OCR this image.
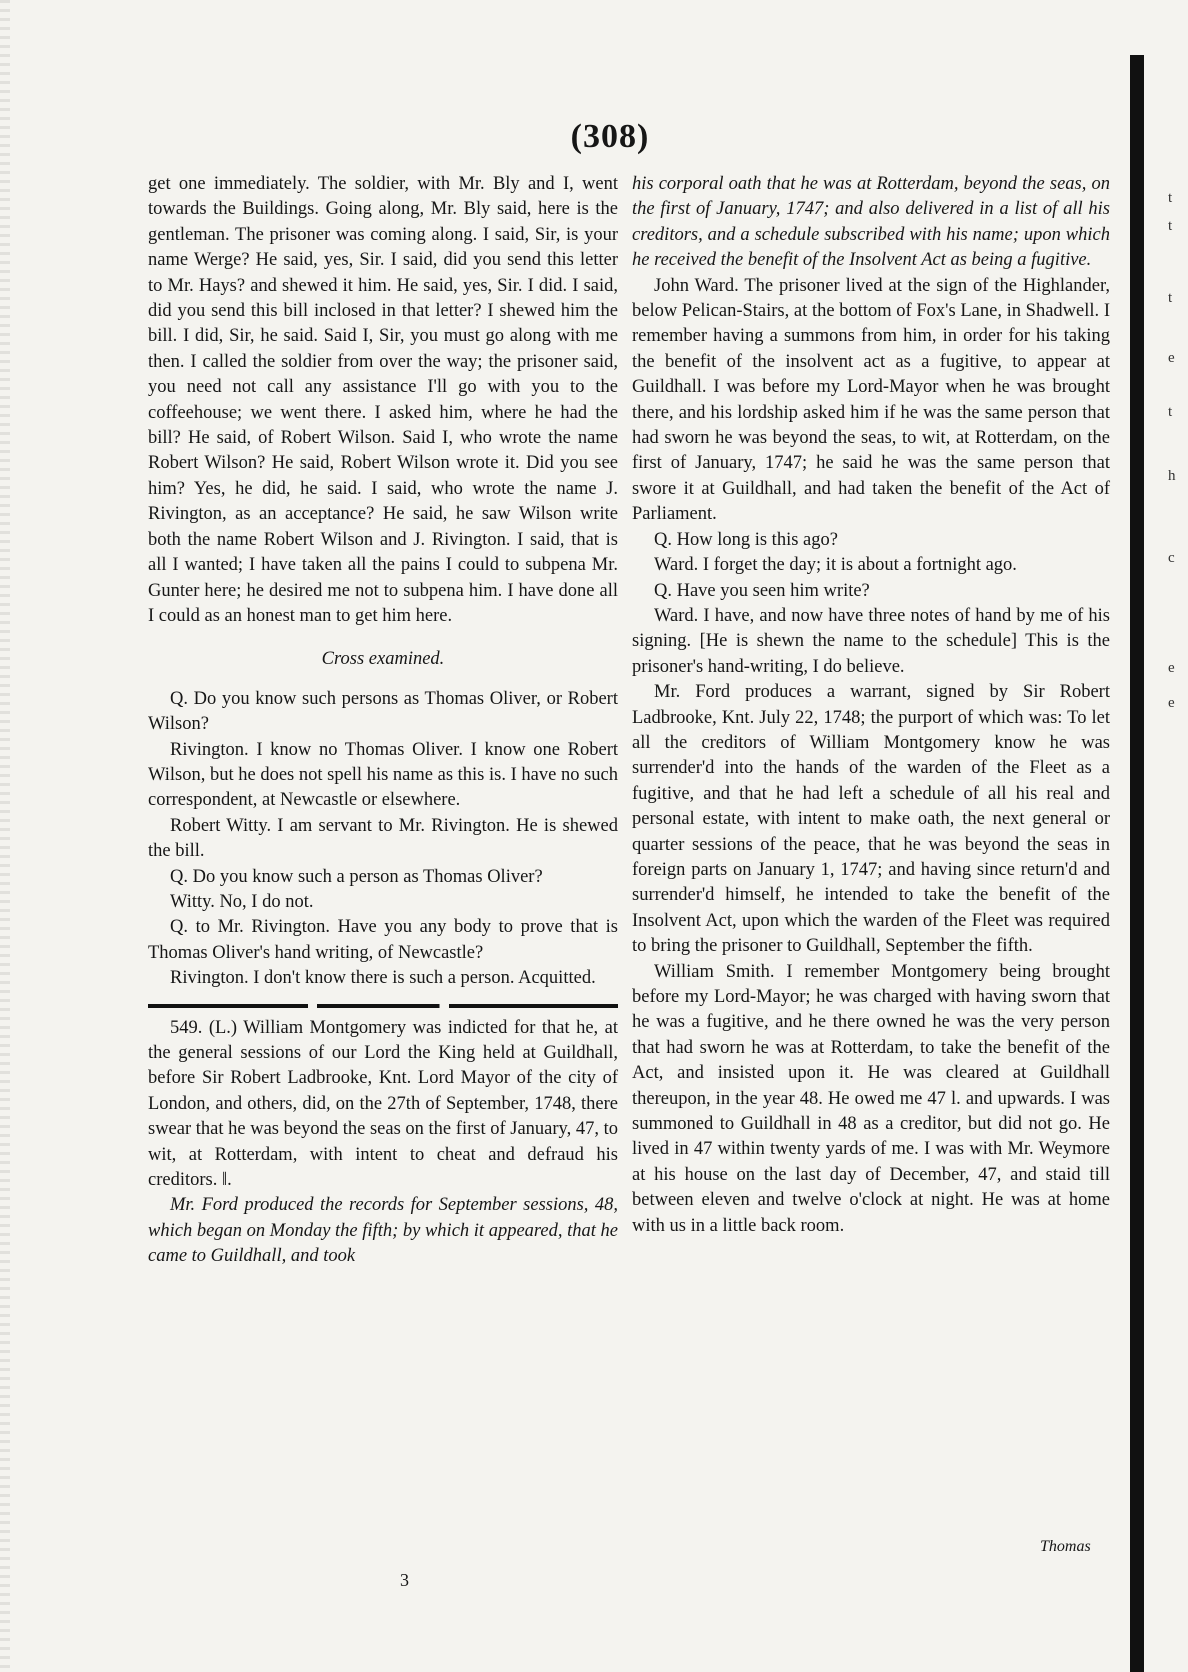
t
t
t
e
t
h
c
e
e
(308)

get one immediately. The soldier, with Mr. Bly and I, went towards the Buildings. Going along, Mr. Bly said, here is the gentleman. The prisoner was coming along. I said, Sir, is your name Werge? He said, yes, Sir. I said, did you send this letter to Mr. Hays? and shewed it him. He said, yes, Sir. I did. I said, did you send this bill inclosed in that letter? I shewed him the bill. I did, Sir, he said. Said I, Sir, you must go along with me then. I called the soldier from over the way; the prisoner said, you need not call any assistance I'll go with you to the coffeehouse; we went there. I asked him, where he had the bill? He said, of Robert Wilson. Said I, who wrote the name Robert Wilson? He said, Robert Wilson wrote it. Did you see him? Yes, he did, he said. I said, who wrote the name J. Rivington, as an acceptance? He said, he saw Wilson write both the name Robert Wilson and J. Rivington. I said, that is all I wanted; I have taken all the pains I could to subpena Mr. Gunter here; he desired me not to subpena him. I have done all I could as an honest man to get him here.

Cross examined.

Q. Do you know such persons as Thomas Oliver, or Robert Wilson?

Rivington. I know no Thomas Oliver. I know one Robert Wilson, but he does not spell his name as this is. I have no such correspondent, at Newcastle or elsewhere.

Robert Witty. I am servant to Mr. Rivington. He is shewed the bill.

Q. Do you know such a person as Thomas Oliver?

Witty. No, I do not.

Q. to Mr. Rivington. Have you any body to prove that is Thomas Oliver's hand writing, of Newcastle?

Rivington. I don't know there is such a person. Acquitted.

549. (L.) William Montgomery was indicted for that he, at the general sessions of our Lord the King held at Guildhall, before Sir Robert Ladbrooke, Knt. Lord Mayor of the city of London, and others, did, on the 27th of September, 1748, there swear that he was beyond the seas on the first of January, 47, to wit, at Rotterdam, with intent to cheat and defraud his creditors. ‖.

Mr. Ford produced the records for September sessions, 48, which began on Monday the fifth; by which it appeared, that he came to Guildhall, and took

his corporal oath that he was at Rotterdam, beyond the seas, on the first of January, 1747; and also delivered in a list of all his creditors, and a schedule subscribed with his name; upon which he received the benefit of the Insolvent Act as being a fugitive.

John Ward. The prisoner lived at the sign of the Highlander, below Pelican-Stairs, at the bottom of Fox's Lane, in Shadwell. I remember having a summons from him, in order for his taking the benefit of the insolvent act as a fugitive, to appear at Guildhall. I was before my Lord-Mayor when he was brought there, and his lordship asked him if he was the same person that had sworn he was beyond the seas, to wit, at Rotterdam, on the first of January, 1747; he said he was the same person that swore it at Guildhall, and had taken the benefit of the Act of Parliament.

Q. How long is this ago?

Ward. I forget the day; it is about a fortnight ago.

Q. Have you seen him write?

Ward. I have, and now have three notes of hand by me of his signing. [He is shewn the name to the schedule] This is the prisoner's hand-writing, I do believe.

Mr. Ford produces a warrant, signed by Sir Robert Ladbrooke, Knt. July 22, 1748; the purport of which was: To let all the creditors of William Montgomery know he was surrender'd into the hands of the warden of the Fleet as a fugitive, and that he had left a schedule of all his real and personal estate, with intent to make oath, the next general or quarter sessions of the peace, that he was beyond the seas in foreign parts on January 1, 1747; and having since return'd and surrender'd himself, he intended to take the benefit of the Insolvent Act, upon which the warden of the Fleet was required to bring the prisoner to Guildhall, September the fifth.

William Smith. I remember Montgomery being brought before my Lord-Mayor; he was charged with having sworn that he was a fugitive, and he there owned he was the very person that had sworn he was at Rotterdam, to take the benefit of the Act, and insisted upon it. He was cleared at Guildhall thereupon, in the year 48. He owed me 47 l. and upwards. I was summoned to Guildhall in 48 as a creditor, but did not go. He lived in 47 within twenty yards of me. I was with Mr. Weymore at his house on the last day of December, 47, and staid till between eleven and twelve o'clock at night. He was at home with us in a little back room.

Thomas
3
